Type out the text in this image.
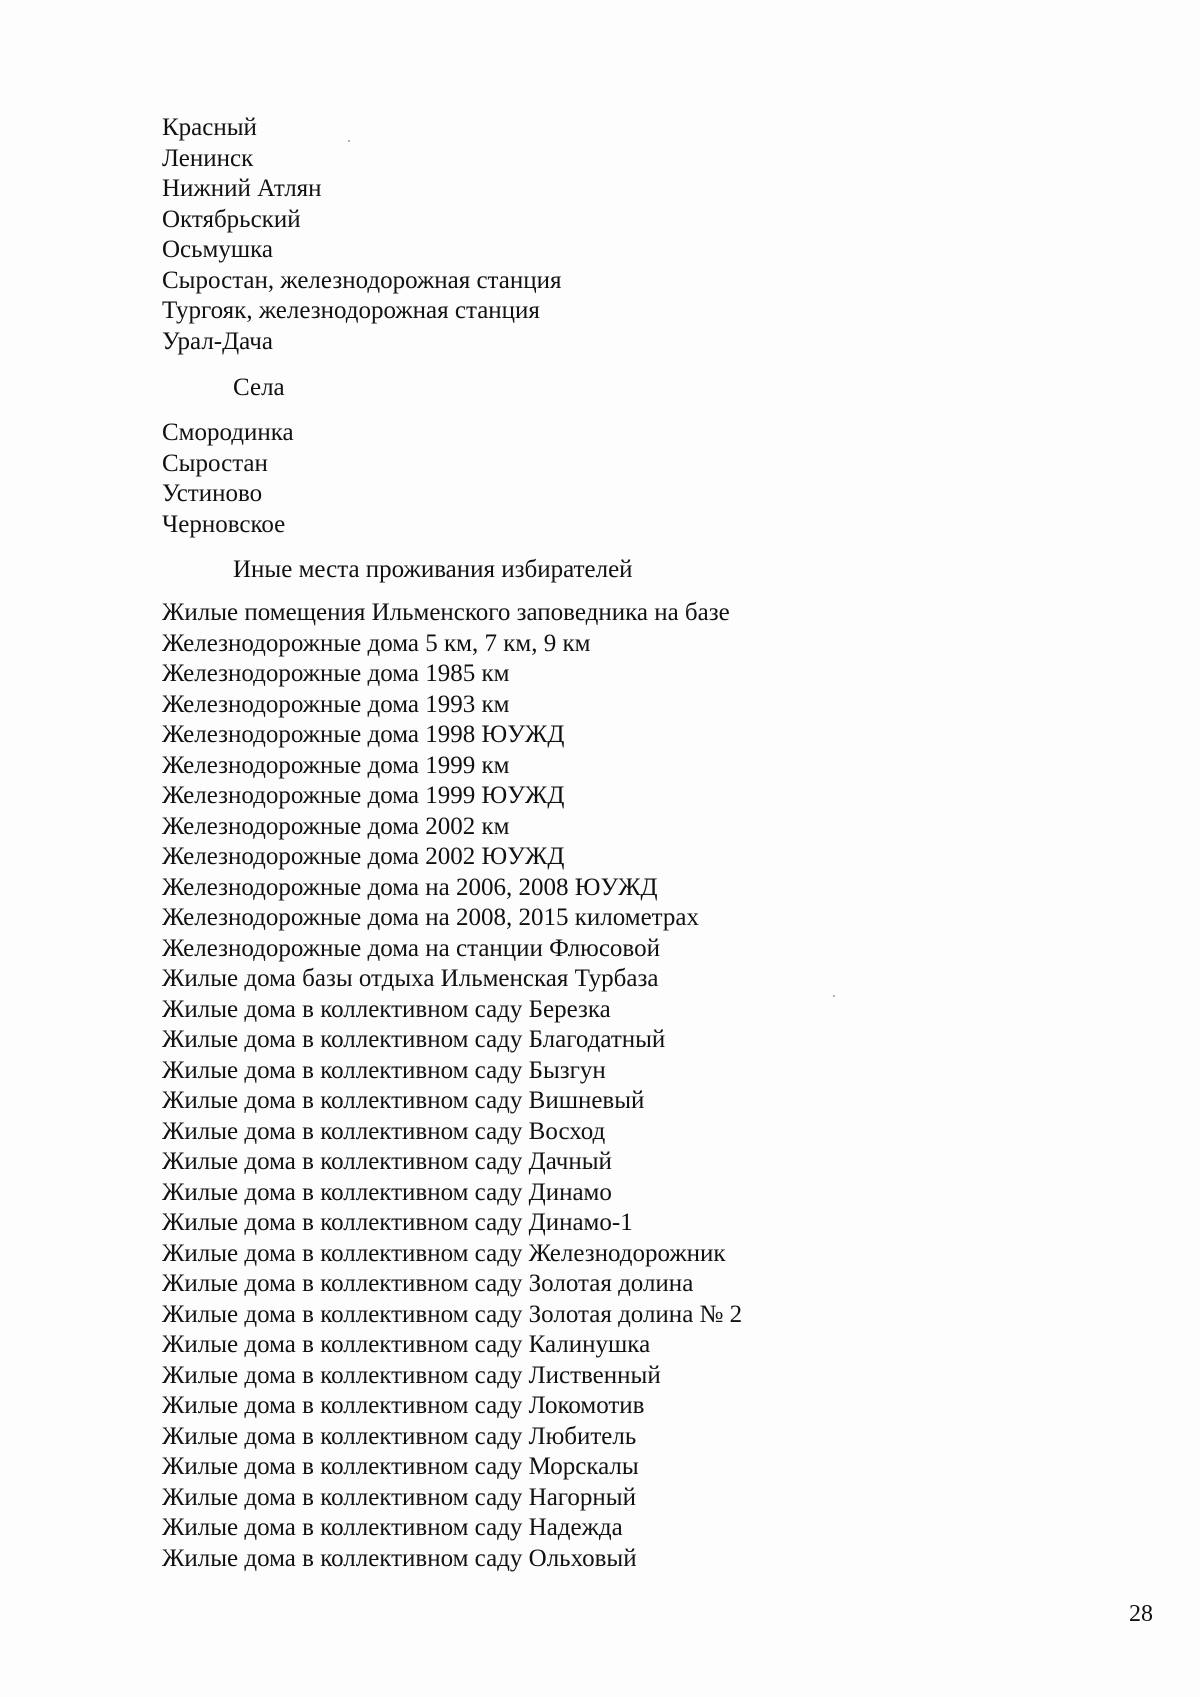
Красный
Ленинск
Нижний Атлян
Октябрьский
Осьмушка
Сыростан, железнодорожная станция
Тургояк, железнодорожная станция
Урал-Дача
Села
Смородинка
Сыростан
Устиново
Черновское
Иные места проживания избирателей
Жилые помещения Ильменского заповедника на базе
Железнодорожные дома 5 км, 7 км, 9 км
Железнодорожные дома 1985 км
Железнодорожные дома 1993 км
Железнодорожные дома 1998 ЮУЖД
Железнодорожные дома 1999 км
Железнодорожные дома 1999 ЮУЖД
Железнодорожные дома 2002 км
Железнодорожные дома 2002 ЮУЖД
Железнодорожные дома на 2006, 2008 ЮУЖД
Железнодорожные дома на 2008, 2015 километрах
Железнодорожные дома на станции Флюсовой
Жилые дома базы отдыха Ильменская Турбаза
Жилые дома в коллективном саду Березка
Жилые дома в коллективном саду Благодатный
Жилые дома в коллективном саду Бызгун
Жилые дома в коллективном саду Вишневый
Жилые дома в коллективном саду Восход
Жилые дома в коллективном саду Дачный
Жилые дома в коллективном саду Динамо
Жилые дома в коллективном саду Динамо-1
Жилые дома в коллективном саду Железнодорожник
Жилые дома в коллективном саду Золотая долина
Жилые дома в коллективном саду Золотая долина № 2
Жилые дома в коллективном саду Калинушка
Жилые дома в коллективном саду Лиственный
Жилые дома в коллективном саду Локомотив
Жилые дома в коллективном саду Любитель
Жилые дома в коллективном саду Морскалы
Жилые дома в коллективном саду Нагорный
Жилые дома в коллективном саду Надежда
Жилые дома в коллективном саду Ольховый
28
